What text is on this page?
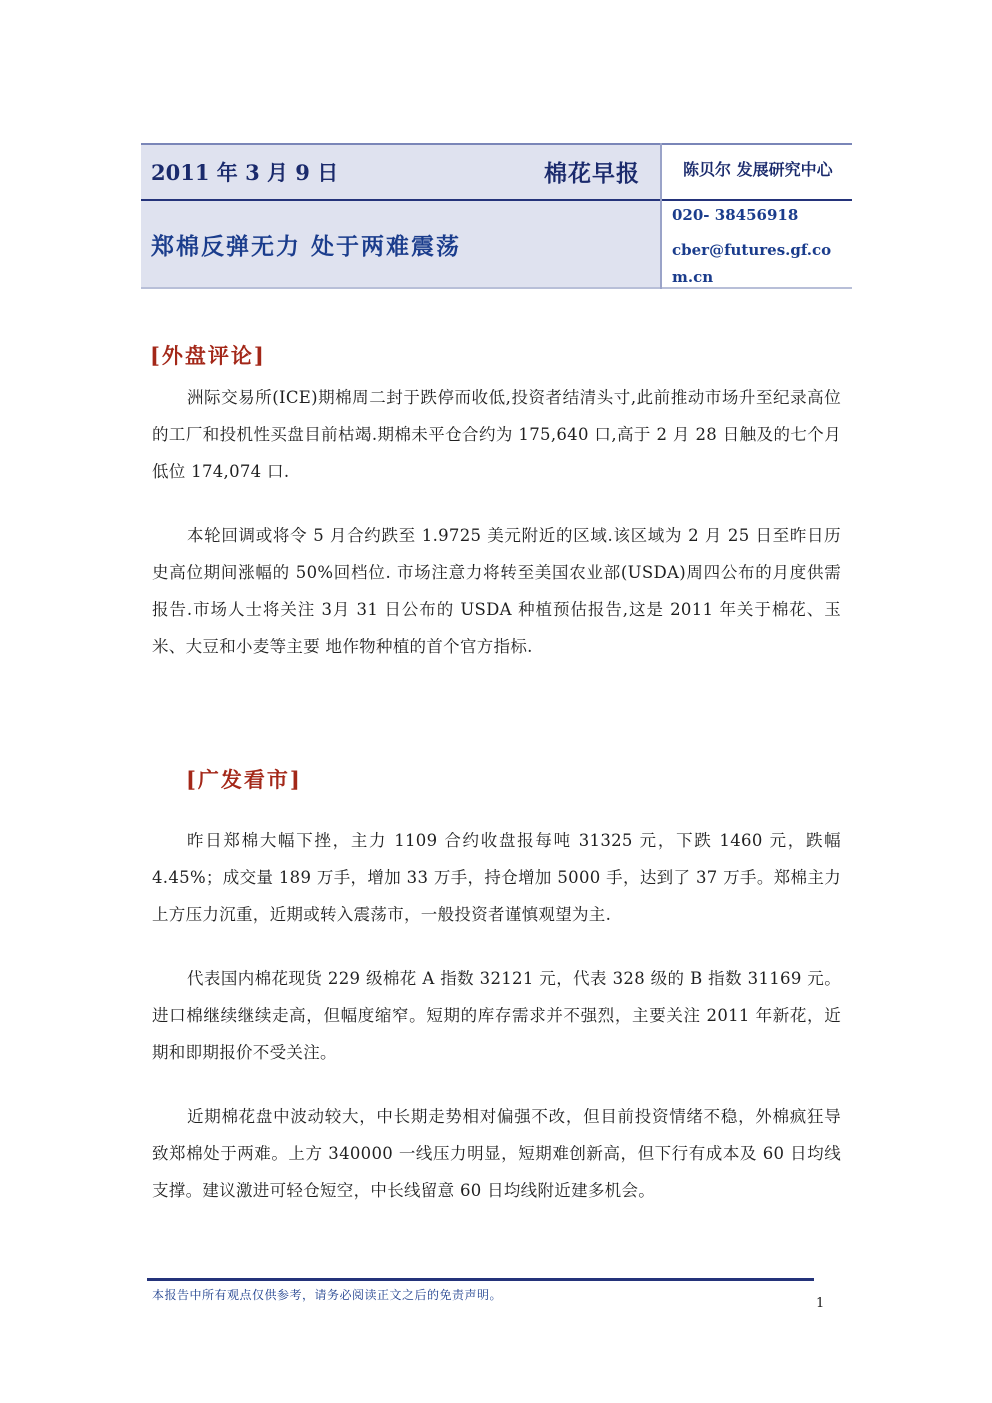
2011 年 3 月 9 日	棉花早报
郑棉反弹无力 处于两难震荡
陈贝尔 发展研究中心
020- 38456918
cber@futures.gf.com.cn
[外盘评论]
洲际交易所(ICE)期棉周二封于跌停而收低,投资者结清头寸,此前推动市场升至纪录高位的工厂和投机性买盘目前枯竭.期棉未平仓合约为 175,640 口,高于 2 月 28 日触及的七个月低位 174,074 口.
本轮回调或将令 5 月合约跌至 1.9725 美元附近的区域.该区域为 2 月 25 日至昨日历史高位期间涨幅的 50%回档位. 市场注意力将转至美国农业部(USDA)周四公布的月度供需报告.市场人士将关注 3月 31 日公布的 USDA 种植预估报告,这是 2011 年关于棉花、玉米、大豆和小麦等主要 地作物种植的首个官方指标.
[广发看市]
昨日郑棉大幅下挫，主力 1109 合约收盘报每吨 31325 元，下跌 1460 元，跌幅 4.45%；成交量 189 万手，增加 33 万手，持仓增加 5000 手，达到了 37 万手。郑棉主力上方压力沉重，近期或转入震荡市，一般投资者谨慎观望为主.
代表国内棉花现货 229 级棉花 A 指数 32121 元，代表 328 级的 B 指数 31169 元。进口棉继续继续走高，但幅度缩窄。短期的库存需求并不强烈，主要关注 2011 年新花，近期和即期报价不受关注。
近期棉花盘中波动较大，中长期走势相对偏强不改，但目前投资情绪不稳，外棉疯狂导致郑棉处于两难。上方 340000 一线压力明显，短期难创新高，但下行有成本及 60 日均线支撑。建议激进可轻仓短空，中长线留意 60 日均线附近建多机会。
本报告中所有观点仅供参考，请务必阅读正文之后的免责声明。
1
